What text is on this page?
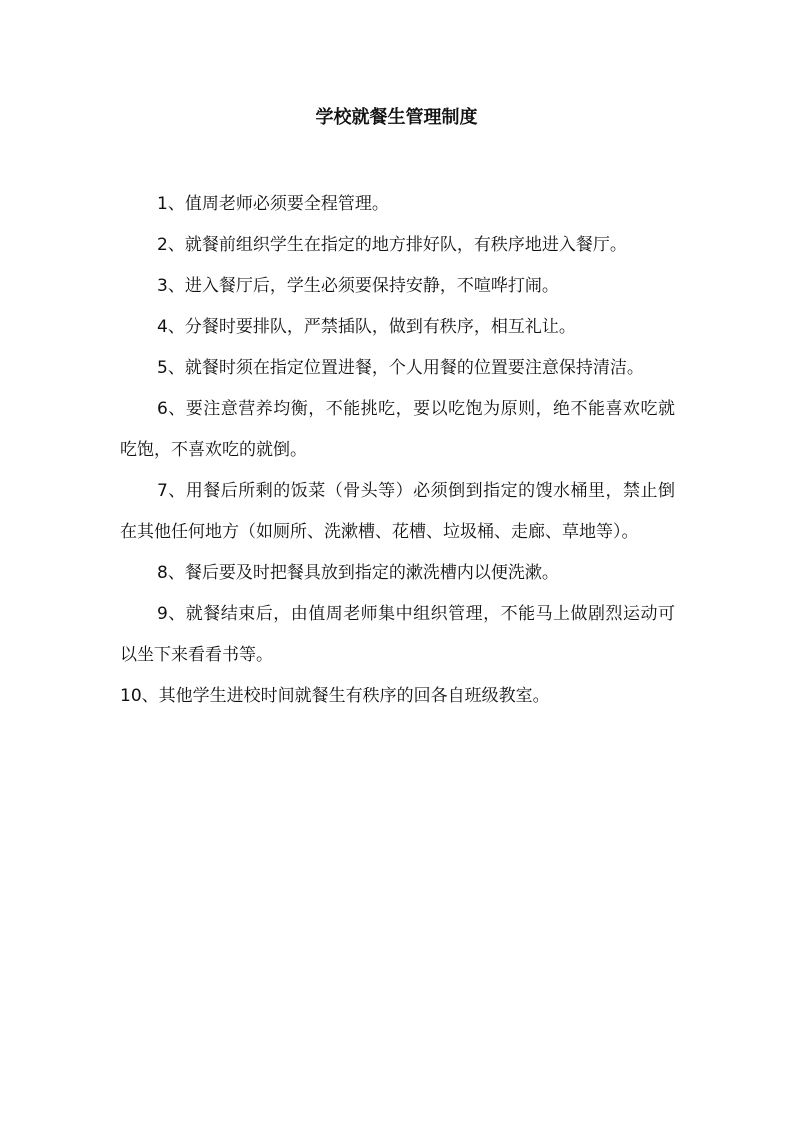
学校就餐生管理制度

1、值周老师必须要全程管理。

2、就餐前组织学生在指定的地方排好队，有秩序地进入餐厅。

3、进入餐厅后，学生必须要保持安静，不喧哗打闹。

4、分餐时要排队，严禁插队，做到有秩序，相互礼让。

5、就餐时须在指定位置进餐，个人用餐的位置要注意保持清洁。

6、要注意营养均衡，不能挑吃，要以吃饱为原则，绝不能喜欢吃就吃饱，不喜欢吃的就倒。

7、用餐后所剩的饭菜（骨头等）必须倒到指定的馊水桶里，禁止倒在其他任何地方（如厕所、洗漱槽、花槽、垃圾桶、走廊、草地等）。

8、餐后要及时把餐具放到指定的漱洗槽内以便洗漱。

9、就餐结束后，由值周老师集中组织管理，不能马上做剧烈运动可以坐下来看看书等。

10、其他学生进校时间就餐生有秩序的回各自班级教室。
